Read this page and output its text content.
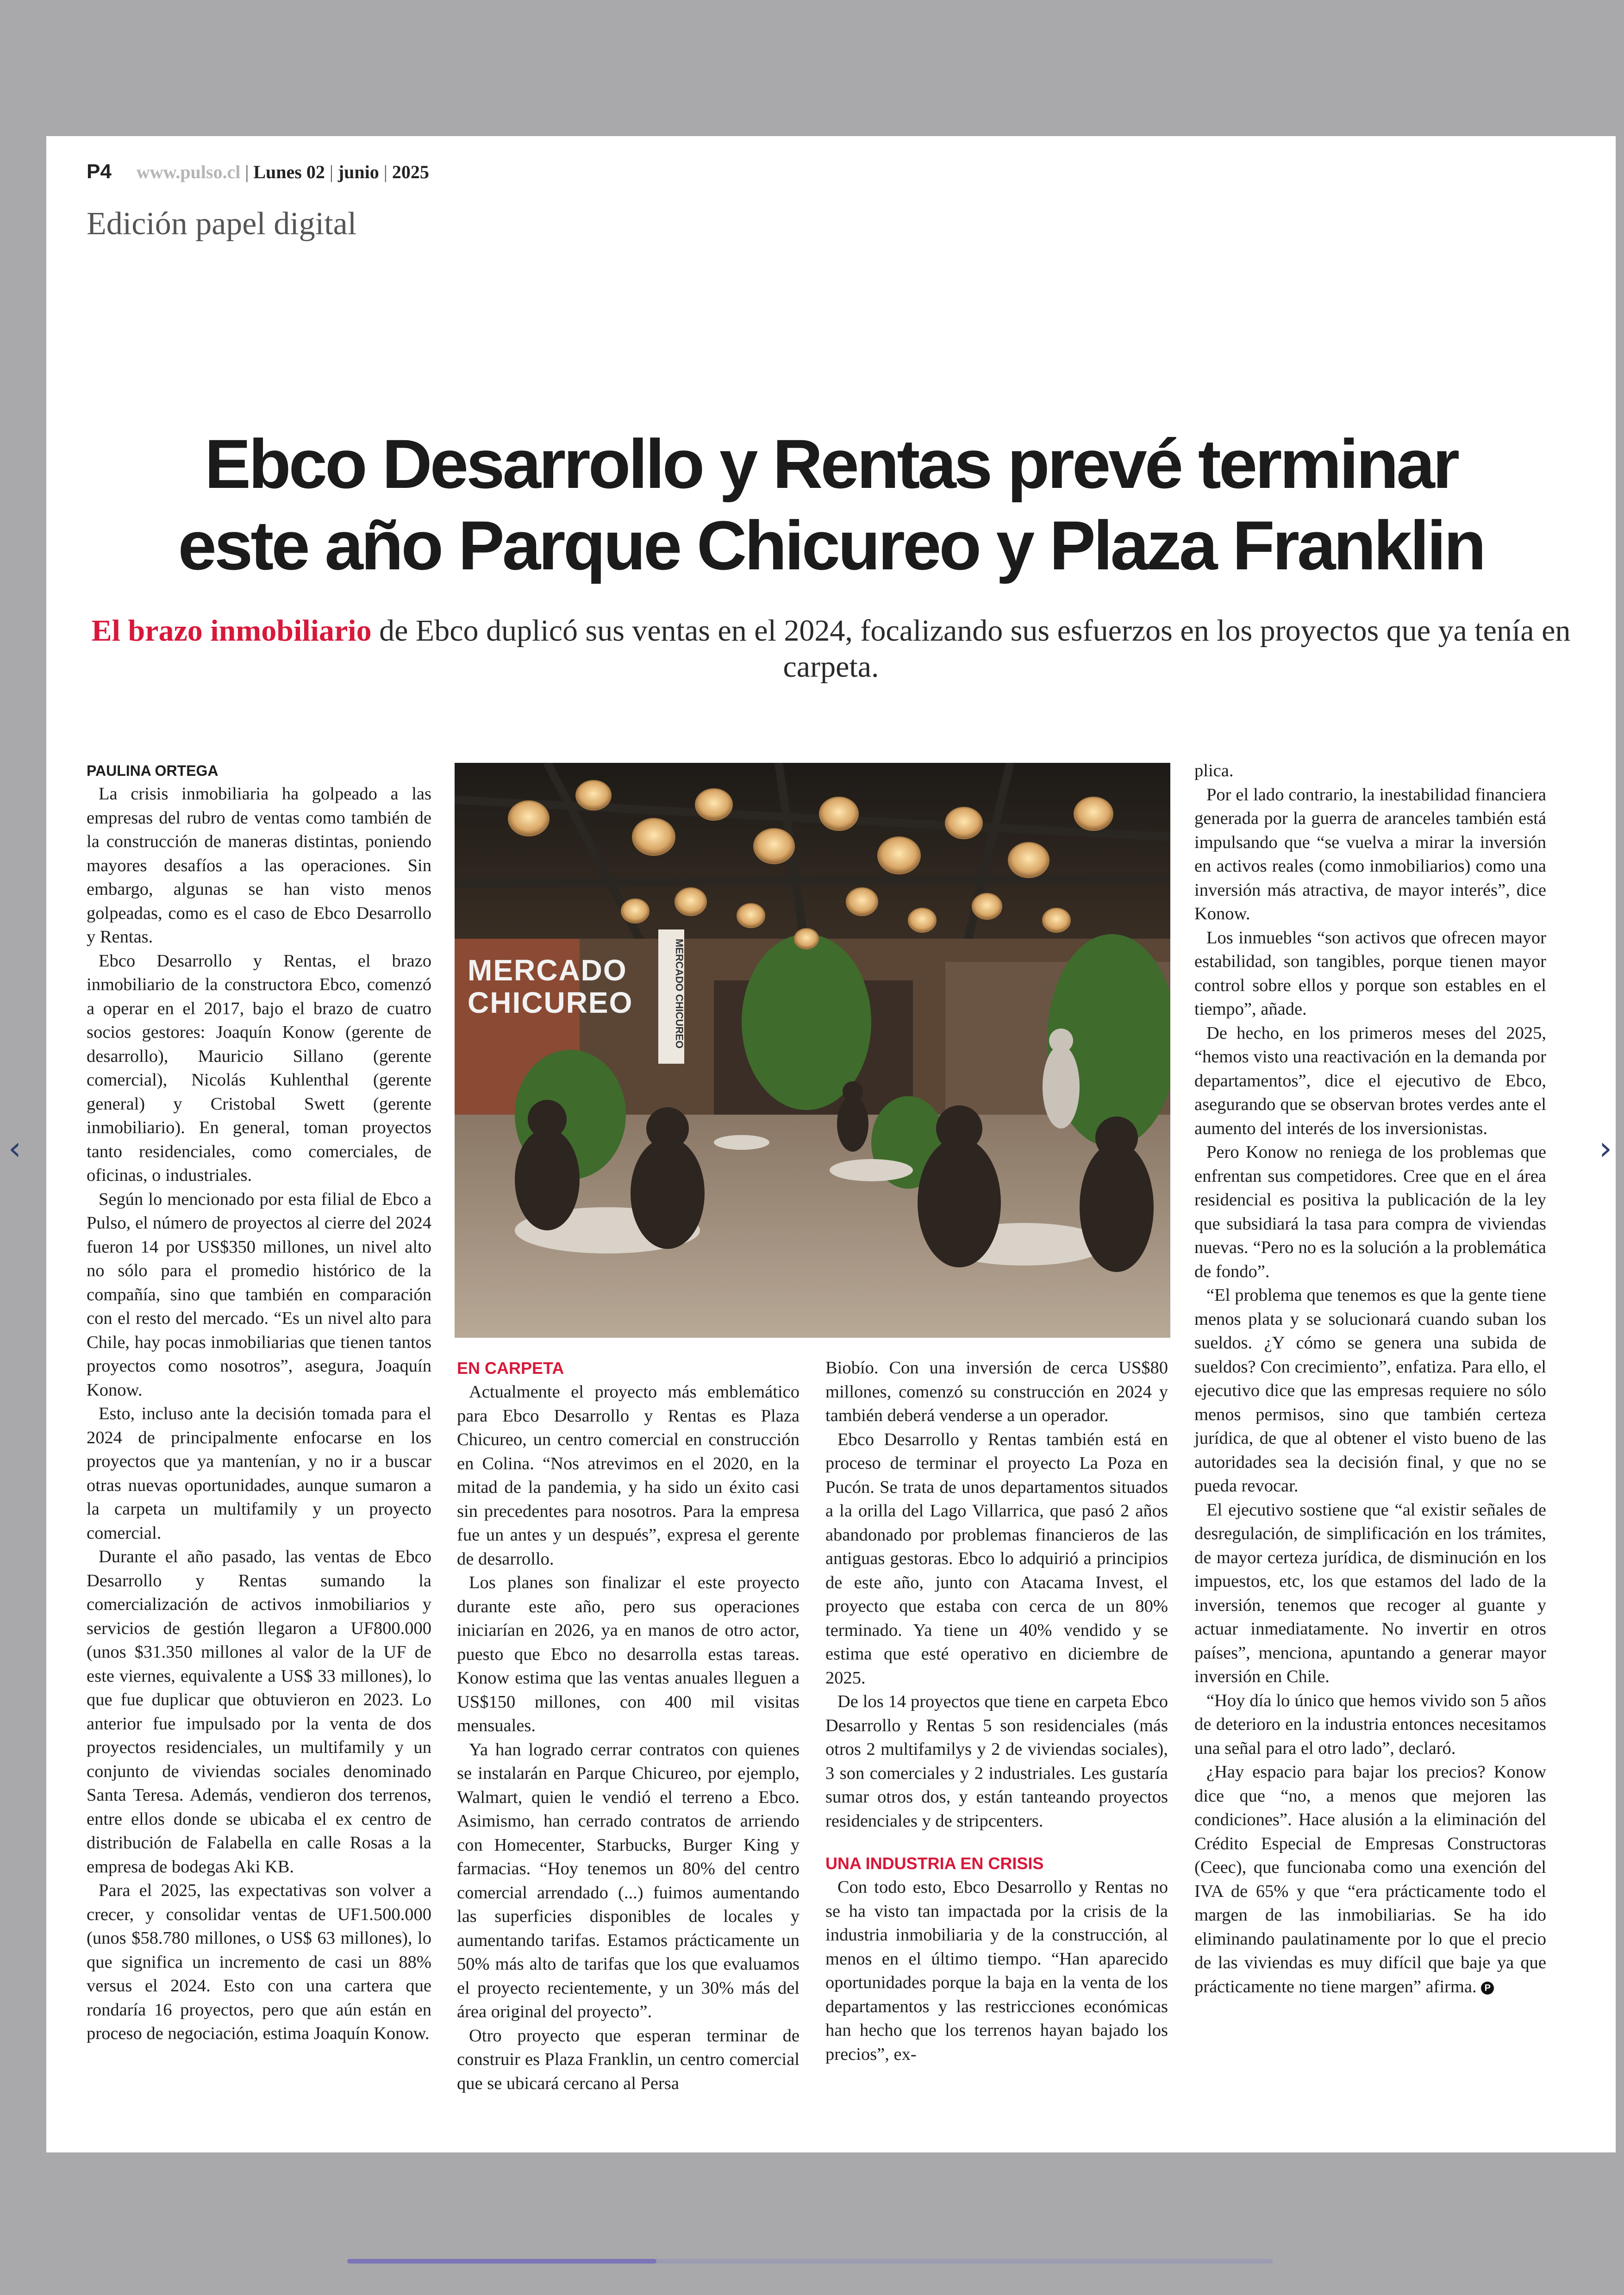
P4 www.pulso.cl | Lunes 02 | junio | 2025
Edición papel digital
Ebco Desarrollo y Rentas prevé terminar
este año Parque Chicureo y Plaza Franklin
El brazo inmobiliario de Ebco duplicó sus ventas en el 2024, focalizando sus esfuerzos en los proyectos que ya tenía en carpeta.
PAULINA ORTEGA

La crisis inmobiliaria ha golpeado a las empresas del rubro de ventas como también de la construcción de maneras distintas, poniendo mayores desafíos a las operaciones. Sin embargo, algunas se han visto menos golpeadas, como es el caso de Ebco Desarrollo y Rentas.

Ebco Desarrollo y Rentas, el brazo inmobiliario de la constructora Ebco, comenzó a operar en el 2017, bajo el brazo de cuatro socios gestores: Joaquín Konow (gerente de desarrollo), Mauricio Sillano (gerente comercial), Nicolás Kuhlenthal (gerente general) y Cristobal Swett (gerente inmobiliario). En general, toman proyectos tanto residenciales, como comerciales, de oficinas, o industriales.

Según lo mencionado por esta filial de Ebco a Pulso, el número de proyectos al cierre del 2024 fueron 14 por US$350 millones, un nivel alto no sólo para el promedio histórico de la compañía, sino que también en comparación con el resto del mercado. “Es un nivel alto para Chile, hay pocas inmobiliarias que tienen tantos proyectos como nosotros”, asegura, Joaquín Konow.

Esto, incluso ante la decisión tomada para el 2024 de principalmente enfocarse en los proyectos que ya mantenían, y no ir a buscar otras nuevas oportunidades, aunque sumaron a la carpeta un multifamily y un proyecto comercial.

Durante el año pasado, las ventas de Ebco Desarrollo y Rentas sumando la comercialización de activos inmobiliarios y servicios de gestión llegaron a UF800.000 (unos $31.350 millones al valor de la UF de este viernes, equivalente a US$ 33 millones), lo que fue duplicar que obtuvieron en 2023. Lo anterior fue impulsado por la venta de dos proyectos residenciales, un multifamily y un conjunto de viviendas sociales denominado Santa Teresa. Además, vendieron dos terrenos, entre ellos donde se ubicaba el ex centro de distribución de Falabella en calle Rosas a la empresa de bodegas Aki KB.

Para el 2025, las expectativas son volver a crecer, y consolidar ventas de UF1.500.000 (unos $58.780 millones, o US$ 63 millones), lo que significa un incremento de casi un 88% versus el 2024. Esto con una cartera que rondaría 16 proyectos, pero que aún están en proceso de negociación, estima Joaquín Konow.

MERCADO
CHICUREO	MERCADO CHICUREO
EN CARPETA

Actualmente el proyecto más emblemático para Ebco Desarrollo y Rentas es Plaza Chicureo, un centro comercial en construcción en Colina. “Nos atrevimos en el 2020, en la mitad de la pandemia, y ha sido un éxito casi sin precedentes para nosotros. Para la empresa fue un antes y un después”, expresa el gerente de desarrollo.

Los planes son finalizar el este proyecto durante este año, pero sus operaciones iniciarían en 2026, ya en manos de otro actor, puesto que Ebco no desarrolla estas tareas. Konow estima que las ventas anuales lleguen a US$150 millones, con 400 mil visitas mensuales.

Ya han logrado cerrar contratos con quienes se instalarán en Parque Chicureo, por ejemplo, Walmart, quien le vendió el terreno a Ebco. Asimismo, han cerrado contratos de arriendo con Homecenter, Starbucks, Burger King y farmacias. “Hoy tenemos un 80% del centro comercial arrendado (...) fuimos aumentando las superficies disponibles de locales y aumentando tarifas. Estamos prácticamente un 50% más alto de tarifas que los que evaluamos el proyecto recientemente, y un 30% más del área original del proyecto”.

Otro proyecto que esperan terminar de construir es Plaza Franklin, un centro comercial que se ubicará cercano al Persa

Biobío. Con una inversión de cerca US$80 millones, comenzó su construcción en 2024 y también deberá venderse a un operador.

Ebco Desarrollo y Rentas también está en proceso de terminar el proyecto La Poza en Pucón. Se trata de unos departamentos situados a la orilla del Lago Villarrica, que pasó 2 años abandonado por problemas financieros de las antiguas gestoras. Ebco lo adquirió a principios de este año, junto con Atacama Invest, el proyecto que estaba con cerca de un 80% terminado. Ya tiene un 40% vendido y se estima que esté operativo en diciembre de 2025.

De los 14 proyectos que tiene en carpeta Ebco Desarrollo y Rentas 5 son residenciales (más otros 2 multifamilys y 2 de viviendas sociales), 3 son comerciales y 2 industriales. Les gustaría sumar otros dos, y están tanteando proyectos residenciales y de stripcenters.

UNA INDUSTRIA EN CRISIS

Con todo esto, Ebco Desarrollo y Rentas no se ha visto tan impactada por la crisis de la industria inmobiliaria y de la construcción, al menos en el último tiempo. “Han aparecido oportunidades porque la baja en la venta de los departamentos y las restricciones económicas han hecho que los terrenos hayan bajado los precios”, ex-

plica.

Por el lado contrario, la inestabilidad financiera generada por la guerra de aranceles también está impulsando que “se vuelva a mirar la inversión en activos reales (como inmobiliarios) como una inversión más atractiva, de mayor interés”, dice Konow.

Los inmuebles “son activos que ofrecen mayor estabilidad, son tangibles, porque tienen mayor control sobre ellos y porque son estables en el tiempo”, añade.

De hecho, en los primeros meses del 2025, “hemos visto una reactivación en la demanda por departamentos”, dice el ejecutivo de Ebco, asegurando que se observan brotes verdes ante el aumento del interés de los inversionistas.

Pero Konow no reniega de los problemas que enfrentan sus competidores. Cree que en el área residencial es positiva la publicación de la ley que subsidiará la tasa para compra de viviendas nuevas. “Pero no es la solución a la problemática de fondo”.

“El problema que tenemos es que la gente tiene menos plata y se solucionará cuando suban los sueldos. ¿Y cómo se genera una subida de sueldos? Con crecimiento”, enfatiza. Para ello, el ejecutivo dice que las empresas requiere no sólo menos permisos, sino que también certeza jurídica, de que al obtener el visto bueno de las autoridades sea la decisión final, y que no se pueda revocar.

El ejecutivo sostiene que “al existir señales de desregulación, de simplificación en los trámites, de mayor certeza jurídica, de disminución en los impuestos, etc, los que estamos del lado de la inversión, tenemos que recoger al guante y actuar inmediatamente. No invertir en otros países”, menciona, apuntando a generar mayor inversión en Chile.

“Hoy día lo único que hemos vivido son 5 años de deterioro en la industria entonces necesitamos una señal para el otro lado”, declaró.

¿Hay espacio para bajar los precios? Konow dice que “no, a menos que mejoren las condiciones”. Hace alusión a la eliminación del Crédito Especial de Empresas Constructoras (Ceec), que funcionaba como una exención del IVA de 65% y que “era prácticamente todo el margen de las inmobiliarias. Se ha ido eliminando paulatinamente por lo que el precio de las viviendas es muy difícil que baje ya que prácticamente no tiene margen” afirma. P

‹	›
